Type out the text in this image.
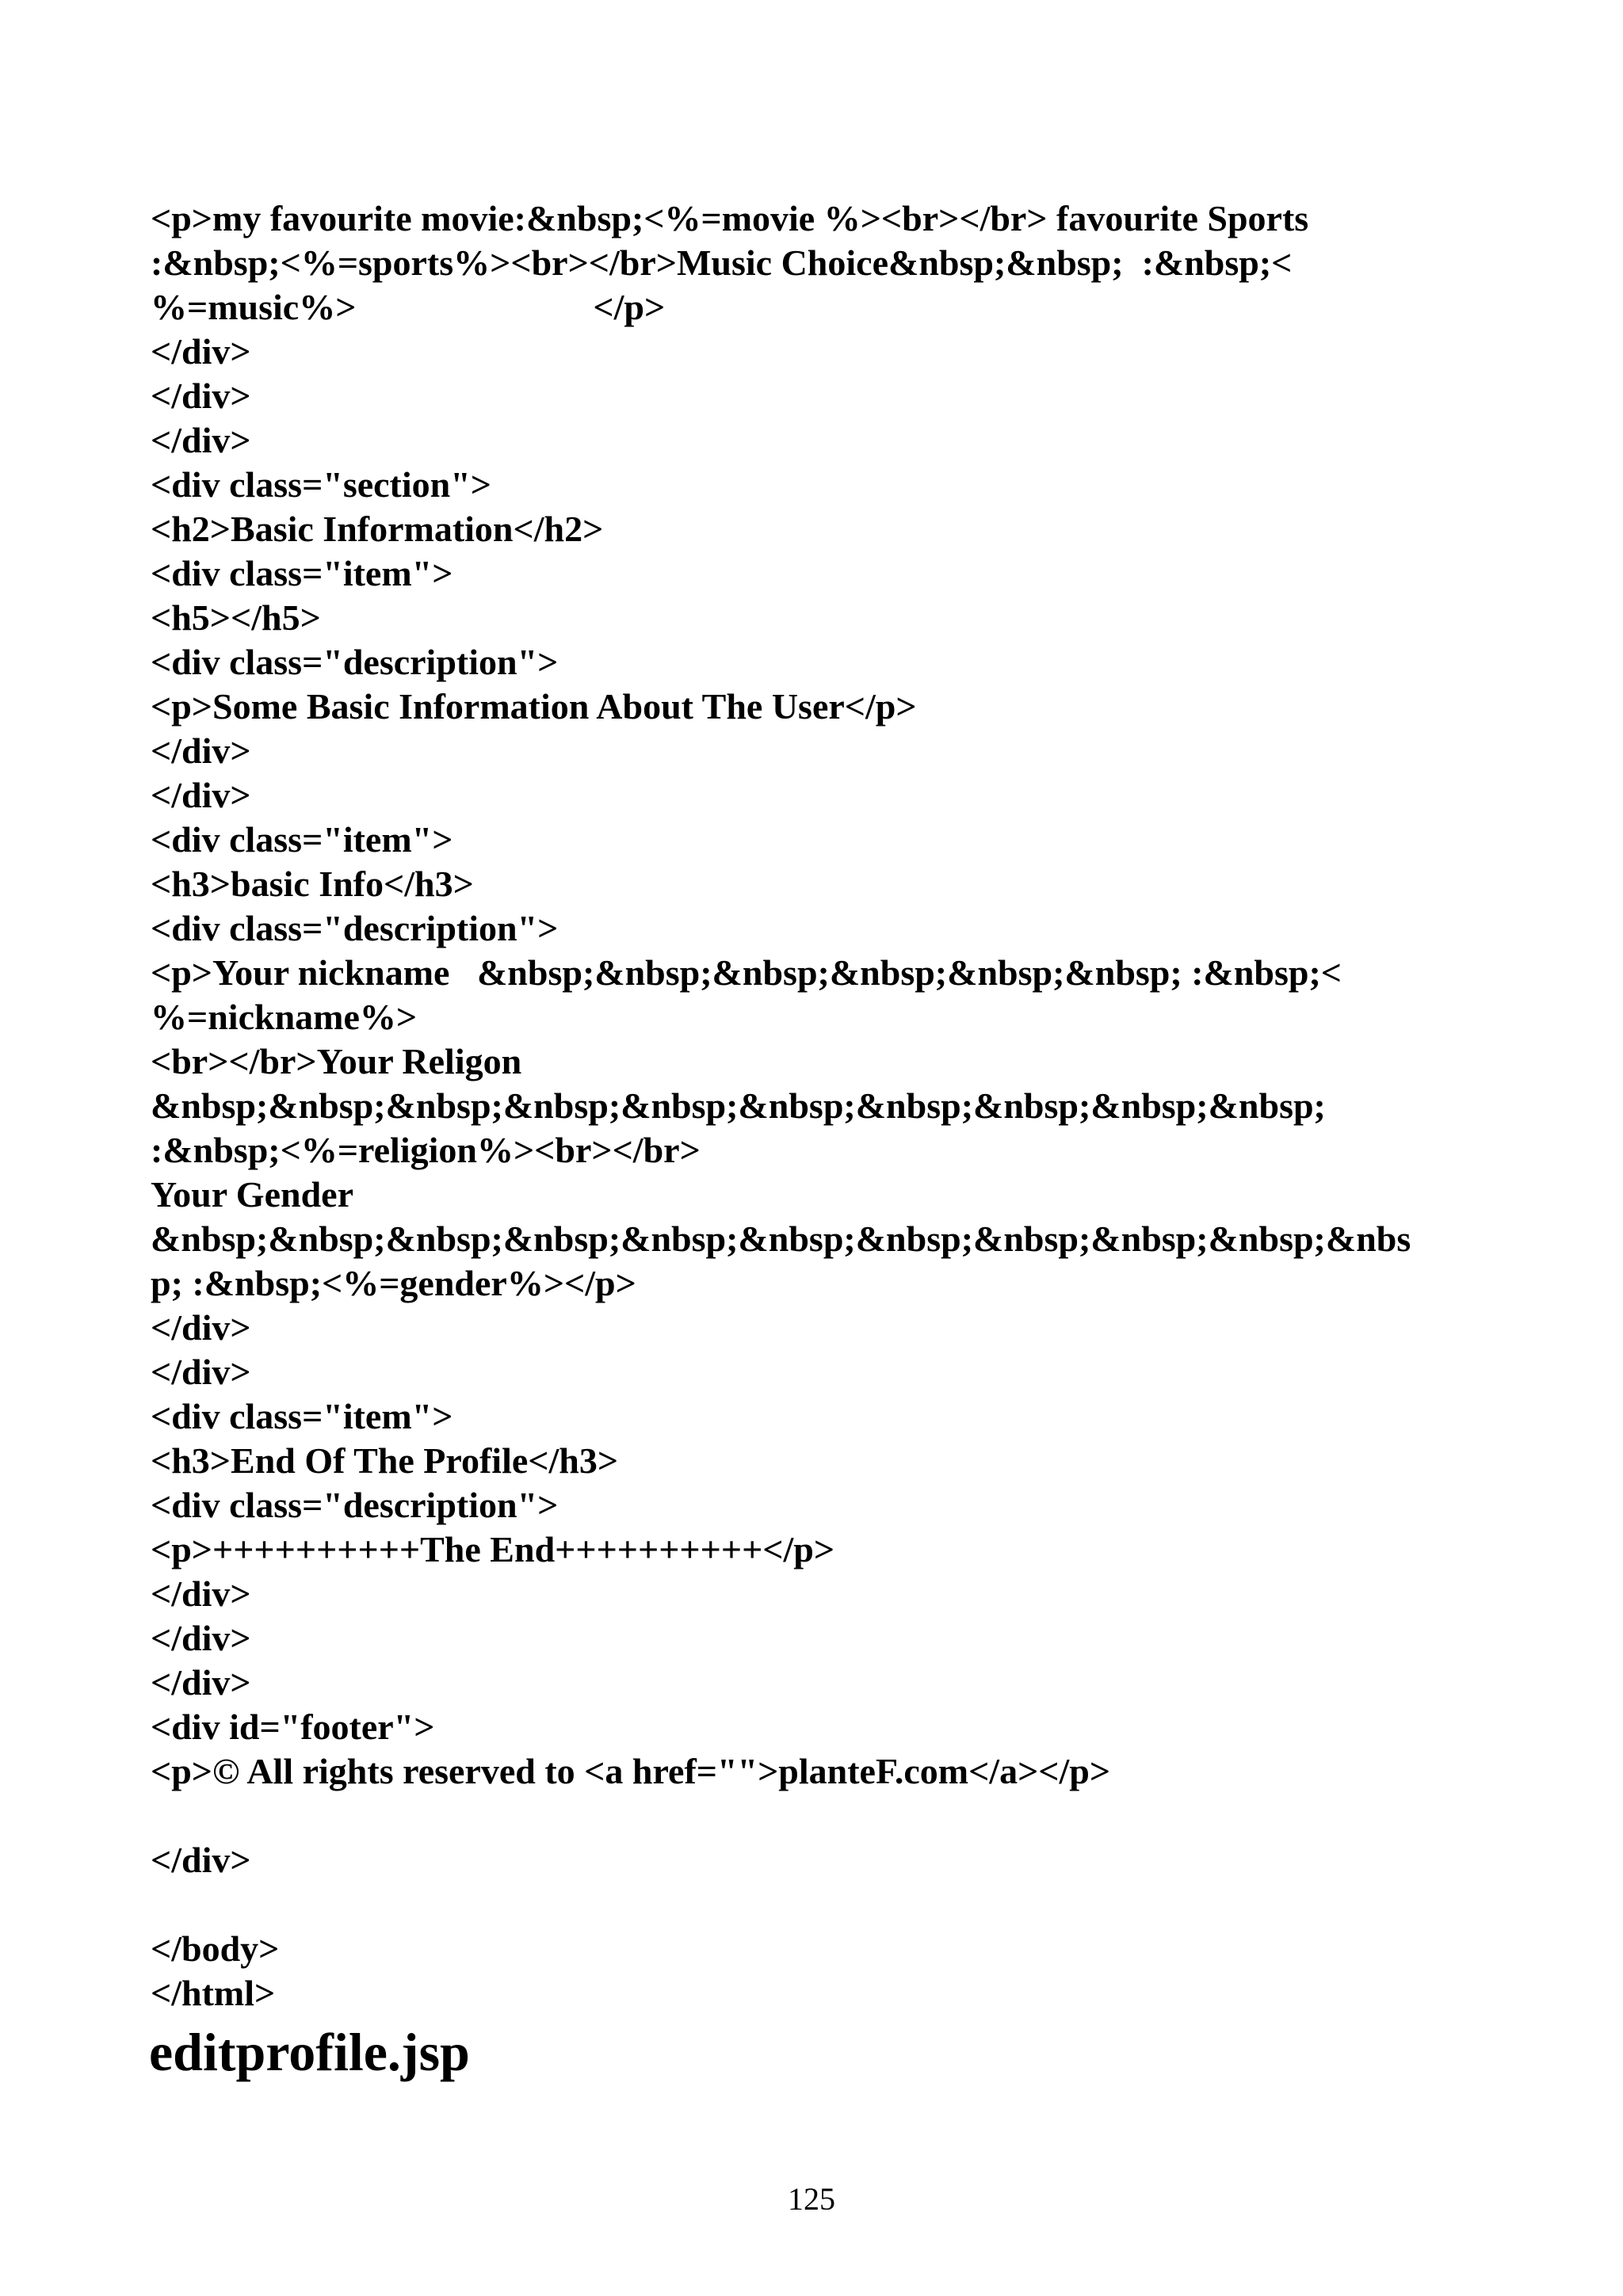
<p>my favourite movie:&nbsp;<%=movie %><br></br> favourite Sports
:&nbsp;<%=sports%><br></br>Music Choice&nbsp;&nbsp;  :&nbsp;<
%=music%>                          </p>
</div>
</div>
</div>
<div class="section">
<h2>Basic Information</h2>
<div class="item">
<h5></h5>
<div class="description">
<p>Some Basic Information About The User</p>
</div>
</div>
<div class="item">
<h3>basic Info</h3>
<div class="description">
<p>Your nickname   &nbsp;&nbsp;&nbsp;&nbsp;&nbsp;&nbsp; :&nbsp;<
%=nickname%>
<br></br>Your Religon
&nbsp;&nbsp;&nbsp;&nbsp;&nbsp;&nbsp;&nbsp;&nbsp;&nbsp;&nbsp;
:&nbsp;<%=religion%><br></br>
Your Gender
&nbsp;&nbsp;&nbsp;&nbsp;&nbsp;&nbsp;&nbsp;&nbsp;&nbsp;&nbsp;&nbs
p; :&nbsp;<%=gender%></p>
</div>
</div>
<div class="item">
<h3>End Of The Profile</h3>
<div class="description">
<p>++++++++++The End++++++++++</p>
</div>
</div>
</div>
<div id="footer">
<p>© All rights reserved to <a href="">planteF.com</a></p>
</div>
</body>
</html>
editprofile.jsp
125
